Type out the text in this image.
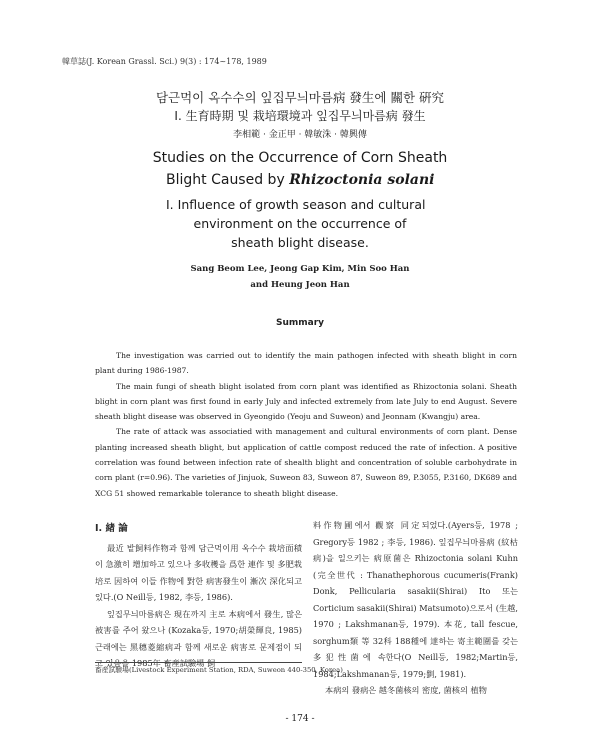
韓草誌(J. Korean Grassl. Sci.) 9(3) : 174~178, 1989
담근먹이 옥수수의 잎집무늬마름病 發生에 關한 硏究
Ⅰ. 生育時期 및 栽培環境과 잎집무늬마름病 發生
李相範 · 金正甲 · 韓敏洙 · 韓興傳
Studies on the Occurrence of Corn Sheath
Blight Caused by Rhizoctonia solani
Ⅰ. Influence of growth season and cultural
environment on the occurrence of
sheath blight disease.
Sang Beom Lee, Jeong Gap Kim, Min Soo Han
and Heung Jeon Han
Summary

The investigation was carried out to identify the main pathogen infected with sheath blight in corn plant during 1986-1987.

The main fungi of sheath blight isolated from corn plant was identified as Rhizoctonia solani. Sheath blight in corn plant was first found in early July and infected extremely from late July to end August. Severe sheath blight disease was observed in Gyeongido (Yeoju and Suweon) and Jeonnam (Kwangju) area.

The rate of attack was associatied with management and cultural environments of corn plant. Dense planting increased sheath blight, but application of cattle compost reduced the rate of infection. A positive correlation was found between infection rate of shealth blight and concentration of soluble carbohydrate in corn plant (r=0.96). The varieties of Jinjuok, Suweon 83, Suweon 87, Suweon 89, P.3055, P.3160, DK689 and XCG 51 showed remarkable tolerance to sheath blight disease.

Ⅰ. 緖 論

最近 밭飼料作物과 함께 담근먹이用 옥수수 栽培面積이 急激히 增加하고 있으나 多收穫을 爲한 連作 및 多肥栽培로 因하여 이들 作物에 對한 病害發生이 漸次 深化되고 있다.(O Neill등, 1982, 李등, 1986).

잎집무늬마름病은 現在까지 主로 本病에서 發生, 많은 被害를 주어 왔으나 (Kozaka등, 1970;胡榮輝良, 1985) 근래에는 黑穗菱縮病과 함께 새로운 病害로 문제점이 되고 있음을 1985年 畜産試驗場 飼

料作物圃에서 觀察 同定되었다.(Ayers등, 1978 ; Gregory등 1982 ; 李등, 1986). 잎집무늬마름病 (紋枯病)을 일으키는 病原菌은 Rhizoctonia solani Kuhn (完全世代 : Thanathephorous cucumeris(Frank) Donk, Pellicularia sasakii(Shirai) Ito 또는 Corticium sasakii(Shirai) Matsumoto)으로서 (生越, 1970 ; Lakshmanan등, 1979). 本花, tall fescue, sorghum類 等 32科 188種에 達하는 寄主範圍를 갖는 多犯性菌에 속한다(O Neill등, 1982;Martin등, 1984;Lakshmanan등, 1979;劉, 1981).

本病의 發病은 越冬菌核의 密度, 菌核의 植物

畜産試驗場(Livestock Experiment Station, RDA, Suweon 440-350, Korea)
- 174 -
